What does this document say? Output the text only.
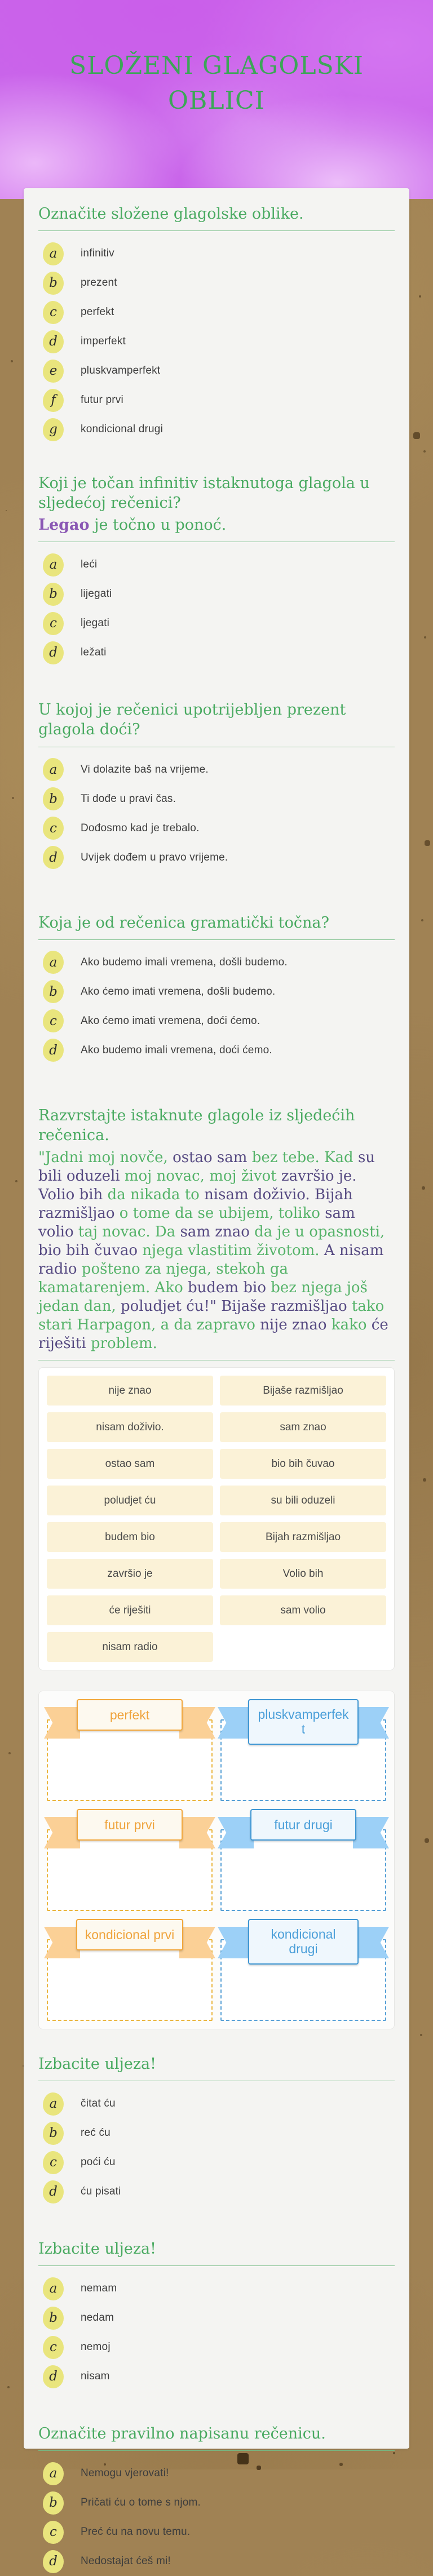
SLOŽENI GLAGOLSKI OBLICI
Označite složene glagolske oblike.
a	infinitiv
b	prezent
c	perfekt
d	imperfekt
e	pluskvamperfekt
f	futur prvi
g	kondicional drugi
Koji je točan infinitiv istaknutoga glagola u sljedećoj rečenici?

Legao je točno u ponoć.

a	leći
b	lijegati
c	ljegati
d	ležati
U kojoj je rečenici upotrijebljen prezent glagola doći?
a	Vi dolazite baš na vrijeme.
b	Ti dođe u pravi čas.
c	Dođosmo kad je trebalo.
d	Uvijek dođem u pravo vrijeme.
Koja je od rečenica gramatički točna?
a	Ako budemo imali vremena, došli budemo.
b	Ako ćemo imati vremena, došli budemo.
c	Ako ćemo imati vremena, doći ćemo.
d	Ako budemo imali vremena, doći ćemo.
Razvrstajte istaknute glagole iz sljedećih rečenica.

"Jadni moj novče, ostao sam bez tebe. Kad su bili oduzeli moj novac, moj život završio je. Volio bih da nikada to nisam doživio. Bijah razmišljao o tome da se ubijem, toliko sam volio taj novac. Da sam znao da je u opasnosti, bio bih čuvao njega vlastitim životom. A nisam radio pošteno za njega, stekoh ga kamatarenjem. Ako budem bio bez njega još jedan dan, poludjet ću!" Bijaše razmišljao tako stari Harpagon, a da zapravo nije znao kako će riješiti problem.

nije znao	Bijaše razmišljao
nisam doživio.	sam znao
ostao sam	bio bih čuvao
poludjet ću	su bili oduzeli
budem bio	Bijah razmišljao
završio je	Volio bih
će riješiti	sam volio
nisam radio
perfekt	pluskvamperfekt
futur prvi	futur drugi
kondicional prvi	kondicional drugi
Izbacite uljeza!
a	čitat ću
b	reć ću
c	poći ću
d	ću pisati
Izbacite uljeza!
a	nemam
b	nedam
c	nemoj
d	nisam
Označite pravilno napisanu rečenicu.
a	Nemogu vjerovati!
b	Pričati ću o tome s njom.
c	Preć ću na novu temu.
d	Nedostajat ćeš mi!
